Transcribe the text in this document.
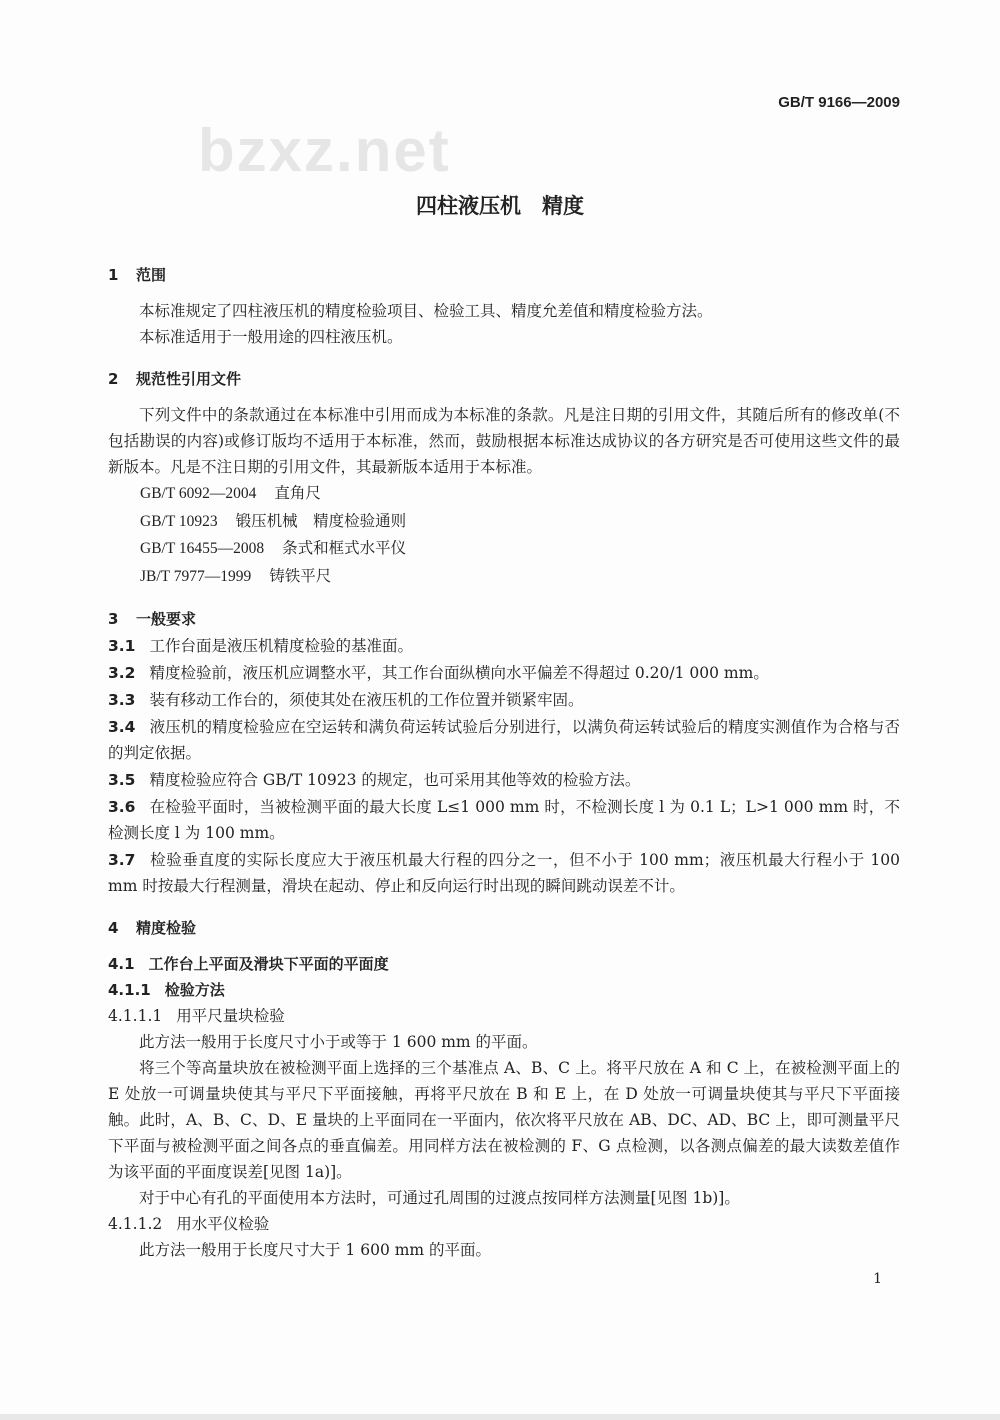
bzxz.net
GB/T 9166—2009
四柱液压机　精度
1 范围
本标准规定了四柱液压机的精度检验项目、检验工具、精度允差值和精度检验方法。
本标准适用于一般用途的四柱液压机。
2 规范性引用文件
下列文件中的条款通过在本标准中引用而成为本标准的条款。凡是注日期的引用文件，其随后所有的修改单(不包括勘误的内容)或修订版均不适用于本标准，然而，鼓励根据本标准达成协议的各方研究是否可使用这些文件的最新版本。凡是不注日期的引用文件，其最新版本适用于本标准。
GB/T 6092—2004 直角尺
GB/T 10923 锻压机械　精度检验通则
GB/T 16455—2008 条式和框式水平仪
JB/T 7977—1999 铸铁平尺
3 一般要求
3.1 工作台面是液压机精度检验的基准面。
3.2 精度检验前，液压机应调整水平，其工作台面纵横向水平偏差不得超过 0.20/1 000 mm。
3.3 装有移动工作台的，须使其处在液压机的工作位置并锁紧牢固。
3.4 液压机的精度检验应在空运转和满负荷运转试验后分别进行，以满负荷运转试验后的精度实测值作为合格与否的判定依据。
3.5 精度检验应符合 GB/T 10923 的规定，也可采用其他等效的检验方法。
3.6 在检验平面时，当被检测平面的最大长度 L≤1 000 mm 时，不检测长度 l 为 0.1 L；L>1 000 mm 时，不检测长度 l 为 100 mm。
3.7 检验垂直度的实际长度应大于液压机最大行程的四分之一，但不小于 100 mm；液压机最大行程小于 100 mm 时按最大行程测量，滑块在起动、停止和反向运行时出现的瞬间跳动误差不计。
4 精度检验
4.1 工作台上平面及滑块下平面的平面度
4.1.1 检验方法
4.1.1.1 用平尺量块检验
此方法一般用于长度尺寸小于或等于 1 600 mm 的平面。
将三个等高量块放在被检测平面上选择的三个基准点 A、B、C 上。将平尺放在 A 和 C 上，在被检测平面上的 E 处放一可调量块使其与平尺下平面接触，再将平尺放在 B 和 E 上，在 D 处放一可调量块使其与平尺下平面接触。此时，A、B、C、D、E 量块的上平面同在一平面内，依次将平尺放在 AB、DC、AD、BC 上，即可测量平尺下平面与被检测平面之间各点的垂直偏差。用同样方法在被检测的 F、G 点检测，以各测点偏差的最大读数差值作为该平面的平面度误差[见图 1a)]。
对于中心有孔的平面使用本方法时，可通过孔周围的过渡点按同样方法测量[见图 1b)]。
4.1.1.2 用水平仪检验
此方法一般用于长度尺寸大于 1 600 mm 的平面。
1
